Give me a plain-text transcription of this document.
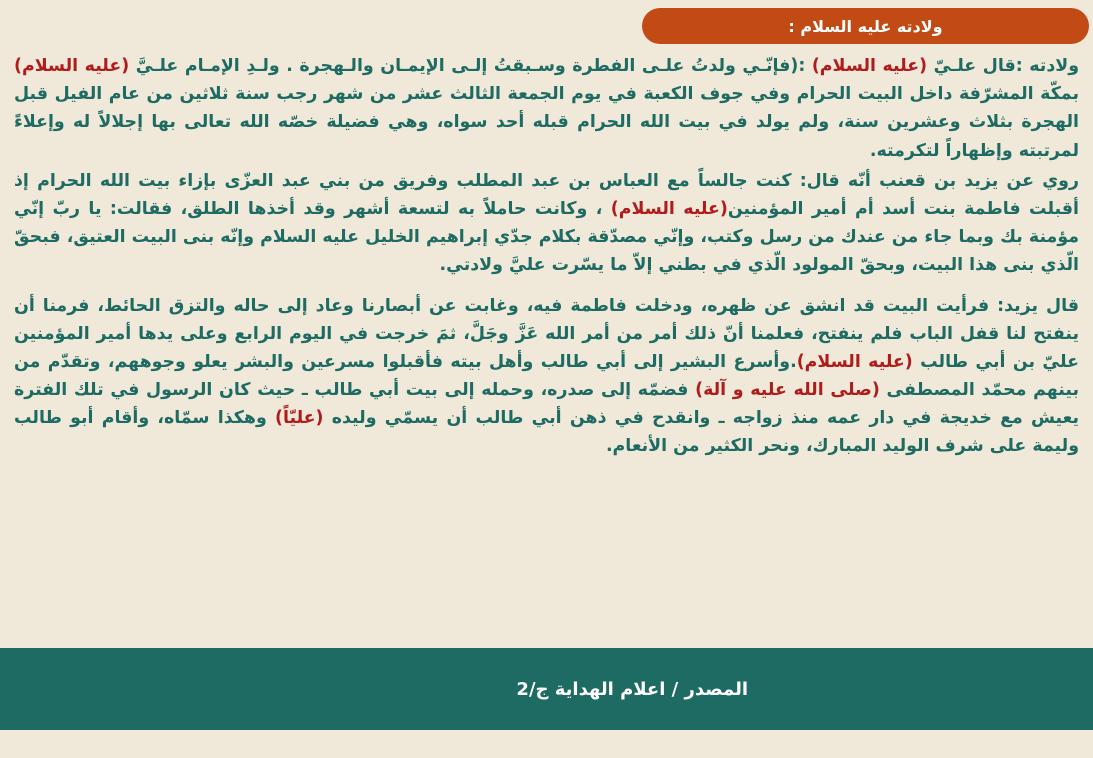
ولادته عليه السلام :

ولادته :قال علـيّ (عليه السلام) :(فإنّـي ولدتُ علـى الفطرة وسـبقتُ إلـى الإيمـان والـهجرة . ولـدِ الإمـام علـيَّ (عليه السلام) بمكّة المشرّفة داخل البيت الحرام وفي جوف الكعبة في يوم الجمعة الثالث عشر من شهر رجب سنة ثلاثين من عام الفيل قبل الهجرة بثلاث وعشرين سنة، ولم يولد في بيت الله الحرام قبله أحد سواه، وهي فضيلة خصّه الله تعالى بها إجلالاً له وإعلاءً لمرتبته وإظهاراً لتكرمته.

روي عن يزيد بن قعنب أنّه قال: كنت جالساً مع العباس بن عبد المطلب وفريق من بني عبد العزّى بإزاء بيت الله الحرام إذ أقبلت فاطمة بنت أسد أم أمير المؤمنين(عليه السلام) ، وكانت حاملاً به لتسعة أشهر وقد أخذها الطلق، فقالت: يا ربّ إنّي مؤمنة بك وبما جاء من عندك من رسل وكتب، وإنّي مصدّقة بكلام جدّي إبراهيم الخليل عليه السلام وإنّه بنى البيت العتيق، فبحقّ الّذي بنى هذا البيت، وبحقّ المولود الّذي في بطني إلاّ ما يسّرت عليَّ ولادتي.

قال يزيد: فرأيت البيت قد انشق عن ظهره، ودخلت فاطمة فيه، وغابت عن أبصارنا وعاد إلى حاله والتزق الحائط، فرمنا أن ينفتح لنا قفل الباب فلم ينفتح، فعلمنا أنّ ذلك أمر من أمر الله عَزَّ وجَلَّ، ثمَ خرجت في اليوم الرابع وعلى يدها أمير المؤمنين عليّ بن أبي طالب (عليه السلام).وأسرع البشير إلى أبي طالب وأهل بيته فأقبلوا مسرعين والبشر يعلو وجوههم، وتقدّم من بينهم محمّد المصطفى (صلى الله عليه و آلة) فضمّه إلى صدره، وحمله إلى بيت أبي طالب ـ حيث كان الرسول في تلك الفترة يعيش مع خديجة في دار عمه منذ زواجه ـ وانقدح في ذهن أبي طالب أن يسمّي وليده (عليّاً) وهكذا سمّاه، وأقام أبو طالب وليمة على شرف الوليد المبارك، ونحر الكثير من الأنعام.

المصدر / اعلام الهداية ج/2
